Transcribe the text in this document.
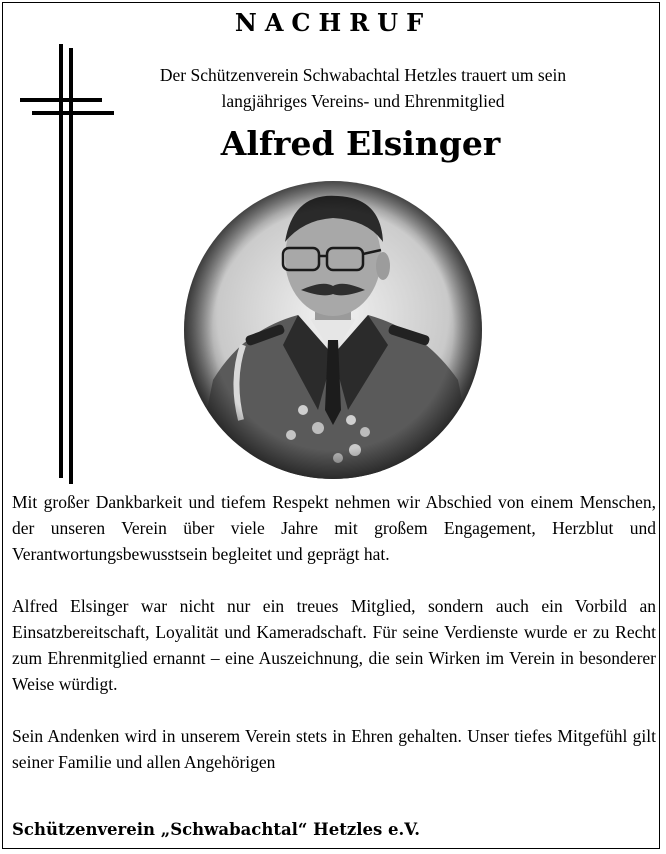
NACHRUF
Der Schützenverein Schwabachtal Hetzles trauert um sein
langjähriges Vereins- und Ehrenmitglied
Alfred Elsinger

Mit großer Dankbarkeit und tiefem Respekt nehmen wir Abschied von einem Menschen, der unseren Verein über viele Jahre mit großem Engagement, Herzblut und Verantwortungsbewusstsein begleitet und geprägt hat.

Alfred Elsinger war nicht nur ein treues Mitglied, sondern auch ein Vorbild an Einsatzbereitschaft, Loyalität und Kameradschaft. Für seine Verdienste wurde er zu Recht zum Ehrenmitglied ernannt – eine Auszeichnung, die sein Wirken im Verein in besonderer Weise würdigt.

Sein Andenken wird in unserem Verein stets in Ehren gehalten. Unser tiefes Mitgefühl gilt seiner Familie und allen Angehörigen

Schützenverein „Schwabachtal“ Hetzles e.V.
